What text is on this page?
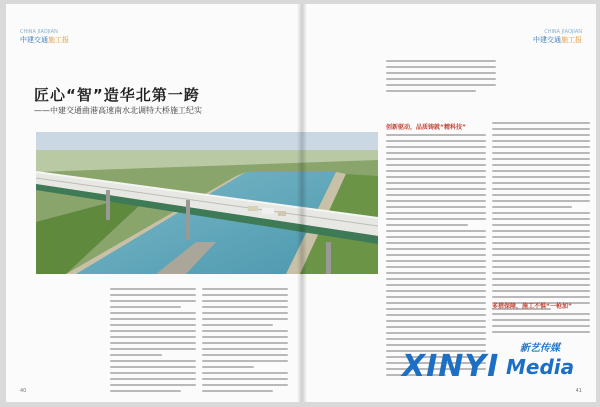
CHINA JIAOJIAN
中建交通施工报
匠心“智”造华北第一跨
——中建交通曲港高速南水北调特大桥施工纪实
40
CHINA JIAOJIAN
中建交通施工报
创新驱动，品质铸就“精科技”
多措保障，施工不惧“一枪加”
41
新艺传媒
XINYI Media
